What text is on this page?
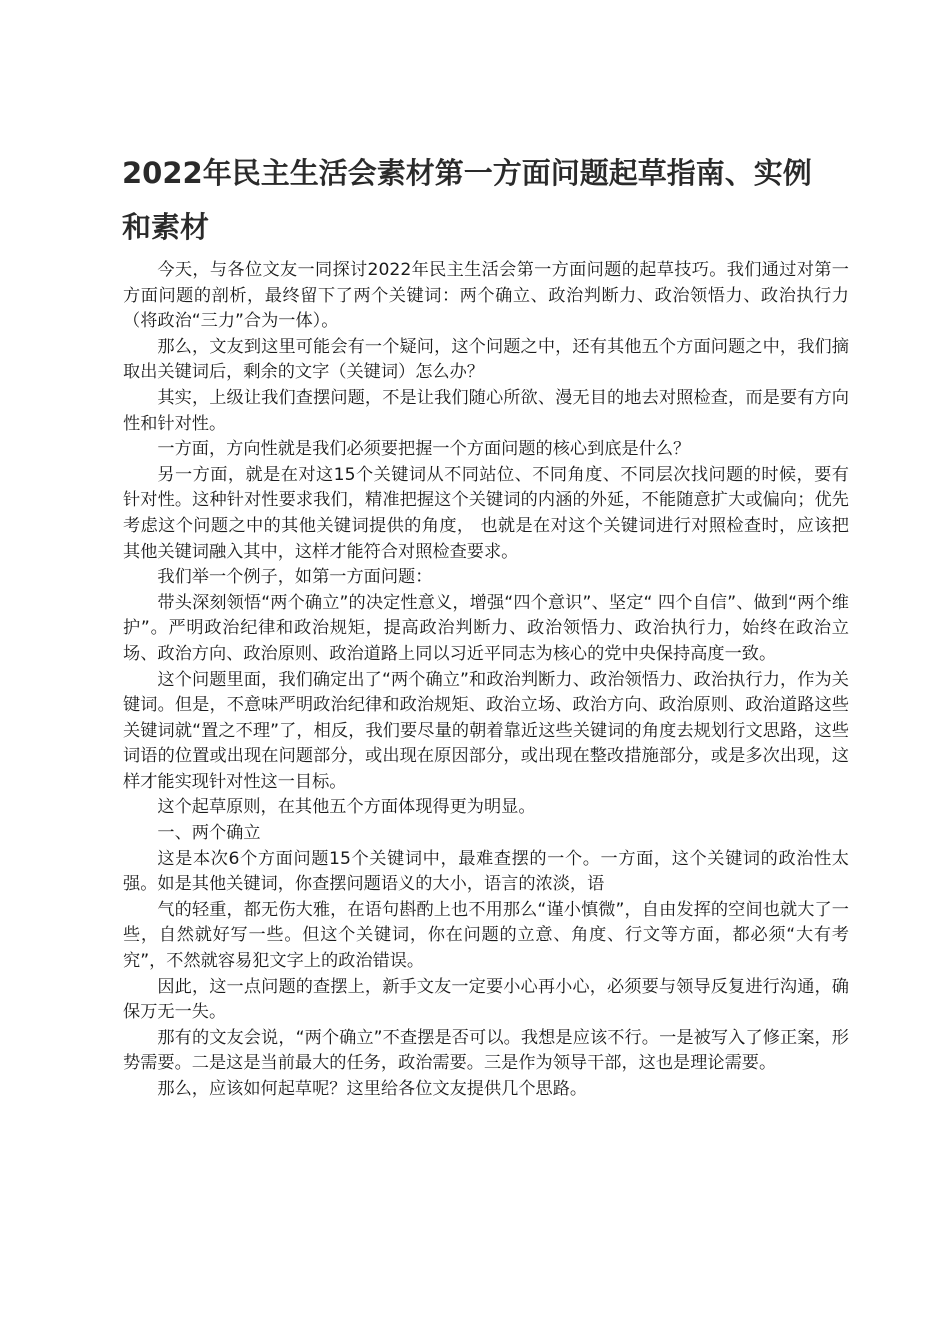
2022年民主生活会素材第一方面问题起草指南、实例和素材

今天，与各位文友一同探讨2022年民主生活会第一方面问题的起草技巧。我们通过对第一方面问题的剖析，最终留下了两个关键词：两个确立、政治判断力、政治领悟力、政治执行力（将政治“三力”合为一体）。

那么，文友到这里可能会有一个疑问，这个问题之中，还有其他五个方面问题之中，我们摘取出关键词后，剩余的文字（关键词）怎么办？

其实，上级让我们查摆问题，不是让我们随心所欲、漫无目的地去对照检查，而是要有方向性和针对性。

一方面，方向性就是我们必须要把握一个方面问题的核心到底是什么？

另一方面，就是在对这15个关键词从不同站位、不同角度、不同层次找问题的时候，要有针对性。这种针对性要求我们，精准把握这个关键词的内涵的外延，不能随意扩大或偏向；优先考虑这个问题之中的其他关键词提供的角度， 也就是在对这个关键词进行对照检查时，应该把其他关键词融入其中，这样才能符合对照检查要求。

我们举一个例子，如第一方面问题：

带头深刻领悟“两个确立”的决定性意义，增强“四个意识”、坚定“ 四个自信”、做到“两个维护”。严明政治纪律和政治规矩，提高政治判断力、政治领悟力、政治执行力，始终在政治立场、政治方向、政治原则、政治道路上同以习近平同志为核心的党中央保持高度一致。

这个问题里面，我们确定出了“两个确立”和政治判断力、政治领悟力、政治执行力，作为关键词。但是，不意味严明政治纪律和政治规矩、政治立场、政治方向、政治原则、政治道路这些关键词就“置之不理”了，相反，我们要尽量的朝着靠近这些关键词的角度去规划行文思路，这些词语的位置或出现在问题部分，或出现在原因部分，或出现在整改措施部分，或是多次出现，这样才能实现针对性这一目标。

这个起草原则，在其他五个方面体现得更为明显。

一、两个确立

这是本次6个方面问题15个关键词中，最难查摆的一个。一方面，这个关键词的政治性太强。如是其他关键词，你查摆问题语义的大小，语言的浓淡，语

气的轻重，都无伤大雅，在语句斟酌上也不用那么“谨小慎微”，自由发挥的空间也就大了一些，自然就好写一些。但这个关键词，你在问题的立意、角度、行文等方面，都必须“大有考究”，不然就容易犯文字上的政治错误。

因此，这一点问题的查摆上，新手文友一定要小心再小心，必须要与领导反复进行沟通，确保万无一失。

那有的文友会说，“两个确立”不查摆是否可以。我想是应该不行。一是被写入了修正案，形势需要。二是这是当前最大的任务，政治需要。三是作为领导干部，这也是理论需要。

那么，应该如何起草呢？这里给各位文友提供几个思路。
